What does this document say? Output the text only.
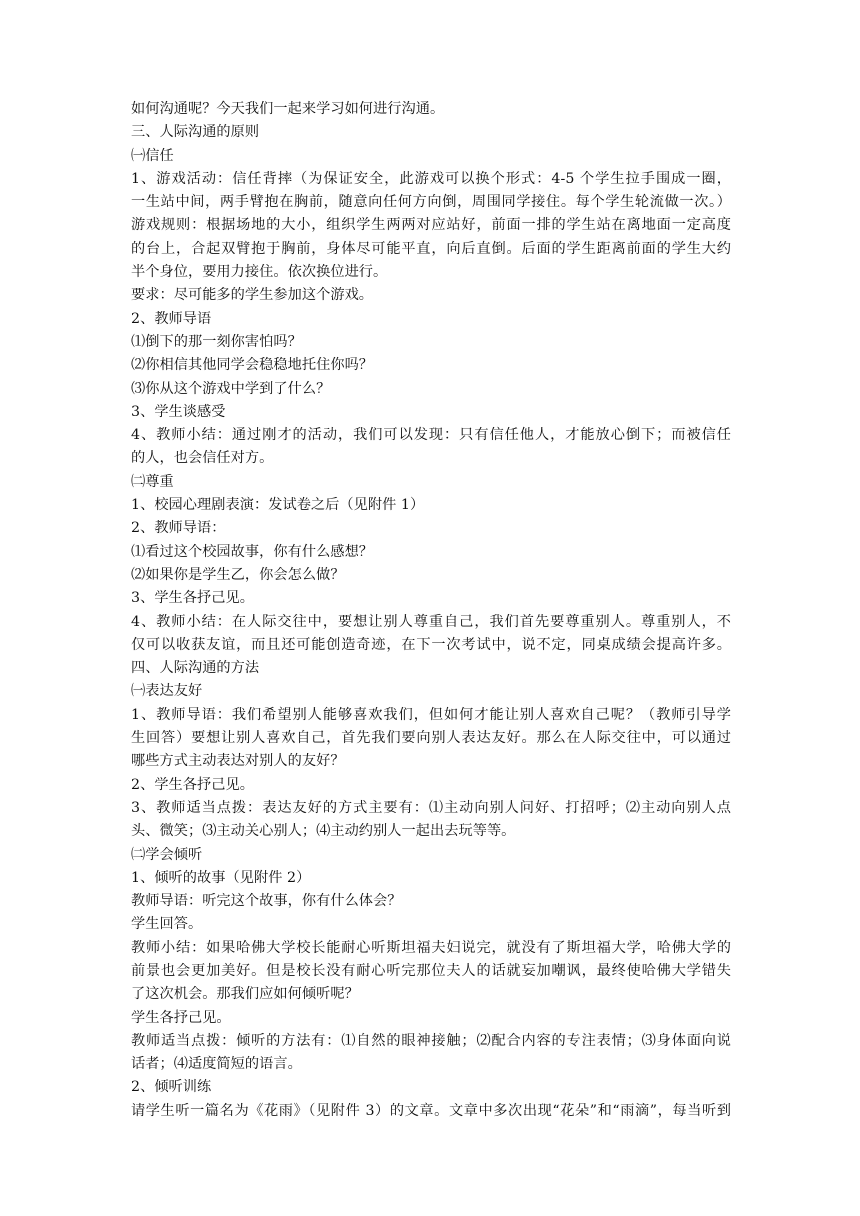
如何沟通呢？今天我们一起来学习如何进行沟通。
三、人际沟通的原则
㈠信任
1、游戏活动：信任背摔（为保证安全，此游戏可以换个形式：4-5 个学生拉手围成一圈，
一生站中间，两手臂抱在胸前，随意向任何方向倒，周围同学接住。每个学生轮流做一次。）
游戏规则：根据场地的大小，组织学生两两对应站好，前面一排的学生站在离地面一定高度
的台上，合起双臂抱于胸前，身体尽可能平直，向后直倒。后面的学生距离前面的学生大约
半个身位，要用力接住。依次换位进行。
要求：尽可能多的学生参加这个游戏。
2、教师导语
⑴倒下的那一刻你害怕吗？
⑵你相信其他同学会稳稳地托住你吗？
⑶你从这个游戏中学到了什么？
3、学生谈感受
4、教师小结：通过刚才的活动，我们可以发现：只有信任他人，才能放心倒下；而被信任
的人，也会信任对方。
㈡尊重
1、校园心理剧表演：发试卷之后（见附件 1）
2、教师导语：
⑴看过这个校园故事，你有什么感想？
⑵如果你是学生乙，你会怎么做？
3、学生各抒己见。
4、教师小结：在人际交往中，要想让别人尊重自己，我们首先要尊重别人。尊重别人，不
仅可以收获友谊，而且还可能创造奇迹，在下一次考试中，说不定，同桌成绩会提高许多。
四、人际沟通的方法
㈠表达友好
1、教师导语：我们希望别人能够喜欢我们，但如何才能让别人喜欢自己呢？（教师引导学
生回答）要想让别人喜欢自己，首先我们要向别人表达友好。那么在人际交往中，可以通过
哪些方式主动表达对别人的友好？
2、学生各抒己见。
3、教师适当点拨：表达友好的方式主要有：⑴主动向别人问好、打招呼；⑵主动向别人点
头、微笑；⑶主动关心别人；⑷主动约别人一起出去玩等等。
㈡学会倾听
1、倾听的故事（见附件 2）
教师导语：听完这个故事，你有什么体会？
学生回答。
教师小结：如果哈佛大学校长能耐心听斯坦福夫妇说完，就没有了斯坦福大学，哈佛大学的
前景也会更加美好。但是校长没有耐心听完那位夫人的话就妄加嘲讽，最终使哈佛大学错失
了这次机会。那我们应如何倾听呢？
学生各抒己见。
教师适当点拨：倾听的方法有：⑴自然的眼神接触；⑵配合内容的专注表情；⑶身体面向说
话者；⑷适度简短的语言。
2、倾听训练
请学生听一篇名为《花雨》（见附件 3）的文章。文章中多次出现“花朵”和“雨滴”，每当听到
